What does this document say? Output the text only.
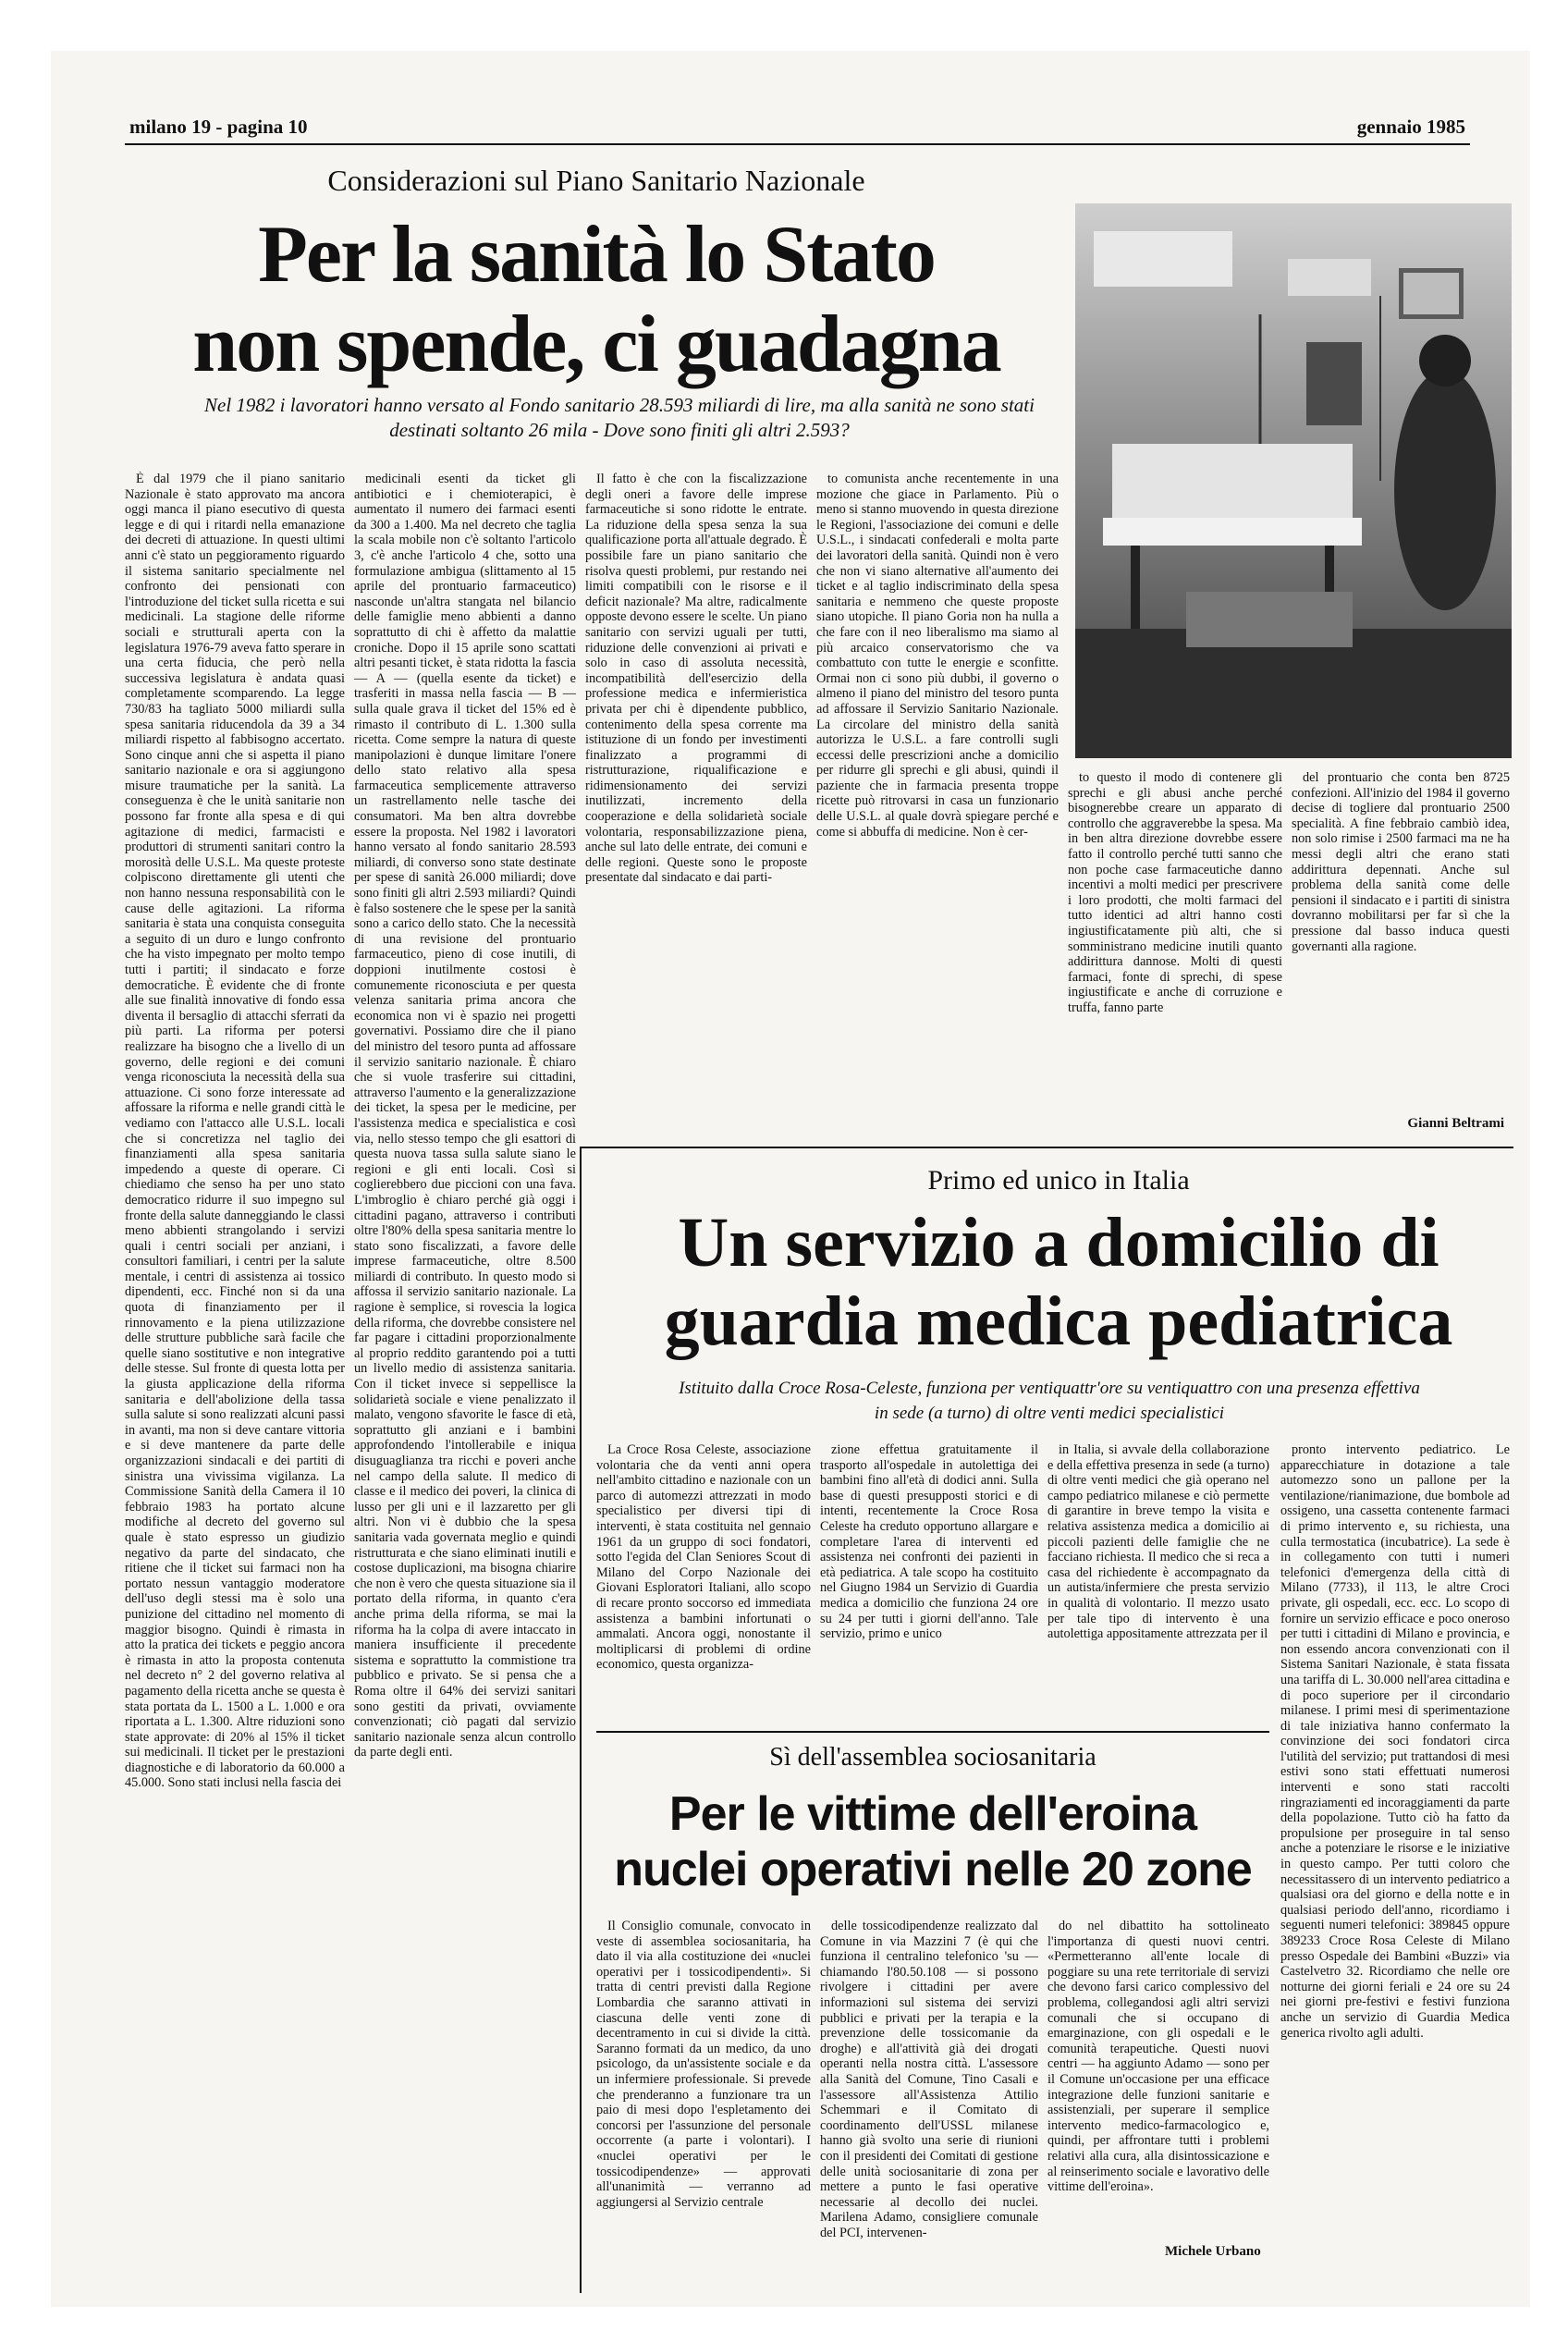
milano 19 - pagina 10	gennaio 1985
Considerazioni sul Piano Sanitario Nazionale
Per la sanità lo Stato
non spende, ci guadagna
Nel 1982 i lavoratori hanno versato al Fondo sanitario 28.593 miliardi di lire, ma alla sanità ne sono stati
destinati soltanto 26 mila - Dove sono finiti gli altri 2.593?

È dal 1979 che il piano sanitario Nazionale è stato approvato ma ancora oggi manca il piano esecutivo di questa legge e di qui i ritardi nella emanazione dei decreti di attuazione. In questi ultimi anni c'è stato un peggioramento riguardo il sistema sanitario specialmente nel confronto dei pensionati con l'introduzione del ticket sulla ricetta e sui medicinali. La stagione delle riforme sociali e strutturali aperta con la legislatura 1976-79 aveva fatto sperare in una certa fiducia, che però nella successiva legislatura è andata quasi completamente scomparendo. La legge 730/83 ha tagliato 5000 miliardi sulla spesa sanitaria riducendola da 39 a 34 miliardi rispetto al fabbisogno accertato. Sono cinque anni che si aspetta il piano sanitario nazionale e ora si aggiungono misure traumatiche per la sanità. La conseguenza è che le unità sanitarie non possono far fronte alla spesa e di qui agitazione di medici, farmacisti e produttori di strumenti sanitari contro la morosità delle U.S.L. Ma queste proteste colpiscono direttamente gli utenti che non hanno nessuna responsabilità con le cause delle agitazioni. La riforma sanitaria è stata una conquista conseguita a seguito di un duro e lungo confronto che ha visto impegnato per molto tempo tutti i partiti; il sindacato e forze democratiche. È evidente che di fronte alle sue finalità innovative di fondo essa diventa il bersaglio di attacchi sferrati da più parti. La riforma per potersi realizzare ha bisogno che a livello di un governo, delle regioni e dei comuni venga riconosciuta la necessità della sua attuazione. Ci sono forze interessate ad affossare la riforma e nelle grandi città le vediamo con l'attacco alle U.S.L. locali che si concretizza nel taglio dei finanziamenti alla spesa sanitaria impedendo a queste di operare. Ci chiediamo che senso ha per uno stato democratico ridurre il suo impegno sul fronte della salute danneggiando le classi meno abbienti strangolando i servizi quali i centri sociali per anziani, i consultori familiari, i centri per la salute mentale, i centri di assistenza ai tossico dipendenti, ecc. Finché non si da una quota di finanziamento per il rinnovamento e la piena utilizzazione delle strutture pubbliche sarà facile che quelle siano sostitutive e non integrative delle stesse. Sul fronte di questa lotta per la giusta applicazione della riforma sanitaria e dell'abolizione della tassa sulla salute si sono realizzati alcuni passi in avanti, ma non si deve cantare vittoria e si deve mantenere da parte delle organizzazioni sindacali e dei partiti di sinistra una vivissima vigilanza. La Commissione Sanità della Camera il 10 febbraio 1983 ha portato alcune modifiche al decreto del governo sul quale è stato espresso un giudizio negativo da parte del sindacato, che ritiene che il ticket sui farmaci non ha portato nessun vantaggio moderatore dell'uso degli stessi ma è solo una punizione del cittadino nel momento di maggior bisogno. Quindi è rimasta in atto la pratica dei tickets e peggio ancora è rimasta in atto la proposta contenuta nel decreto n° 2 del governo relativa al pagamento della ricetta anche se questa è stata portata da L. 1500 a L. 1.000 e ora riportata a L. 1.300. Altre riduzioni sono state approvate: di 20% al 15% il ticket sui medicinali. Il ticket per le prestazioni diagnostiche e di laboratorio da 60.000 a 45.000. Sono stati inclusi nella fascia dei

medicinali esenti da ticket gli antibiotici e i chemioterapici, è aumentato il numero dei farmaci esenti da 300 a 1.400. Ma nel decreto che taglia la scala mobile non c'è soltanto l'articolo 3, c'è anche l'articolo 4 che, sotto una formulazione ambigua (slittamento al 15 aprile del prontuario farmaceutico) nasconde un'altra stangata nel bilancio delle famiglie meno abbienti a danno soprattutto di chi è affetto da malattie croniche. Dopo il 15 aprile sono scattati altri pesanti ticket, è stata ridotta la fascia — A — (quella esente da ticket) e trasferiti in massa nella fascia — B — sulla quale grava il ticket del 15% ed è rimasto il contributo di L. 1.300 sulla ricetta. Come sempre la natura di queste manipolazioni è dunque limitare l'onere dello stato relativo alla spesa farmaceutica semplicemente attraverso un rastrellamento nelle tasche dei consumatori. Ma ben altra dovrebbe essere la proposta. Nel 1982 i lavoratori hanno versato al fondo sanitario 28.593 miliardi, di converso sono state destinate per spese di sanità 26.000 miliardi; dove sono finiti gli altri 2.593 miliardi? Quindi è falso sostenere che le spese per la sanità sono a carico dello stato. Che la necessità di una revisione del prontuario farmaceutico, pieno di cose inutili, di doppioni inutilmente costosi è comunemente riconosciuta e per questa velenza sanitaria prima ancora che economica non vi è spazio nei progetti governativi. Possiamo dire che il piano del ministro del tesoro punta ad affossare il servizio sanitario nazionale. È chiaro che si vuole trasferire sui cittadini, attraverso l'aumento e la generalizzazione dei ticket, la spesa per le medicine, per l'assistenza medica e specialistica e così via, nello stesso tempo che gli esattori di questa nuova tassa sulla salute siano le regioni e gli enti locali. Così si coglierebbero due piccioni con una fava. L'imbroglio è chiaro perché già oggi i cittadini pagano, attraverso i contributi oltre l'80% della spesa sanitaria mentre lo stato sono fiscalizzati, a favore delle imprese farmaceutiche, oltre 8.500 miliardi di contributo. In questo modo si affossa il servizio sanitario nazionale. La ragione è semplice, si rovescia la logica della riforma, che dovrebbe consistere nel far pagare i cittadini proporzionalmente al proprio reddito garantendo poi a tutti un livello medio di assistenza sanitaria. Con il ticket invece si seppellisce la solidarietà sociale e viene penalizzato il malato, vengono sfavorite le fasce di età, soprattutto gli anziani e i bambini approfondendo l'intollerabile e iniqua disuguaglianza tra ricchi e poveri anche nel campo della salute. Il medico di classe e il medico dei poveri, la clinica di lusso per gli uni e il lazzaretto per gli altri. Non vi è dubbio che la spesa sanitaria vada governata meglio e quindi ristrutturata e che siano eliminati inutili e costose duplicazioni, ma bisogna chiarire che non è vero che questa situazione sia il portato della riforma, in quanto c'era anche prima della riforma, se mai la riforma ha la colpa di avere intaccato in maniera insufficiente il precedente sistema e soprattutto la commistione tra pubblico e privato. Se si pensa che a Roma oltre il 64% dei servizi sanitari sono gestiti da privati, ovviamente convenzionati; ciò pagati dal servizio sanitario nazionale senza alcun controllo da parte degli enti.

Il fatto è che con la fiscalizzazione degli oneri a favore delle imprese farmaceutiche si sono ridotte le entrate. La riduzione della spesa senza la sua qualificazione porta all'attuale degrado. È possibile fare un piano sanitario che risolva questi problemi, pur restando nei limiti compatibili con le risorse e il deficit nazionale? Ma altre, radicalmente opposte devono essere le scelte. Un piano sanitario con servizi uguali per tutti, riduzione delle convenzioni ai privati e solo in caso di assoluta necessità, incompatibilità dell'esercizio della professione medica e infermieristica privata per chi è dipendente pubblico, contenimento della spesa corrente ma istituzione di un fondo per investimenti finalizzato a programmi di ristrutturazione, riqualificazione e ridimensionamento dei servizi inutilizzati, incremento della cooperazione e della solidarietà sociale volontaria, responsabilizzazione piena, anche sul lato delle entrate, dei comuni e delle regioni. Queste sono le proposte presentate dal sindacato e dai parti-

to comunista anche recentemente in una mozione che giace in Parlamento. Più o meno si stanno muovendo in questa direzione le Regioni, l'associazione dei comuni e delle U.S.L., i sindacati confederali e molta parte dei lavoratori della sanità. Quindi non è vero che non vi siano alternative all'aumento dei ticket e al taglio indiscriminato della spesa sanitaria e nemmeno che queste proposte siano utopiche. Il piano Goria non ha nulla a che fare con il neo liberalismo ma siamo al più arcaico conservatorismo che va combattuto con tutte le energie e sconfitte. Ormai non ci sono più dubbi, il governo o almeno il piano del ministro del tesoro punta ad affossare il Servizio Sanitario Nazionale. La circolare del ministro della sanità autorizza le U.S.L. a fare controlli sugli eccessi delle prescrizioni anche a domicilio per ridurre gli sprechi e gli abusi, quindi il paziente che in farmacia presenta troppe ricette può ritrovarsi in casa un funzionario delle U.S.L. al quale dovrà spiegare perché e come si abbuffa di medicine. Non è cer-

to questo il modo di contenere gli sprechi e gli abusi anche perché bisognerebbe creare un apparato di controllo che aggraverebbe la spesa. Ma in ben altra direzione dovrebbe essere fatto il controllo perché tutti sanno che non poche case farmaceutiche danno incentivi a molti medici per prescrivere i loro prodotti, che molti farmaci del tutto identici ad altri hanno costi ingiustificatamente più alti, che si somministrano medicine inutili quanto addirittura dannose. Molti di questi farmaci, fonte di sprechi, di spese ingiustificate e anche di corruzione e truffa, fanno parte

del prontuario che conta ben 8725 confezioni. All'inizio del 1984 il governo decise di togliere dal prontuario 2500 specialità. A fine febbraio cambiò idea, non solo rimise i 2500 farmaci ma ne ha messi degli altri che erano stati addirittura depennati. Anche sul problema della sanità come delle pensioni il sindacato e i partiti di sinistra dovranno mobilitarsi per far sì che la pressione dal basso induca questi governanti alla ragione.

Gianni Beltrami
Primo ed unico in Italia
Un servizio a domicilio di
guardia medica pediatrica
Istituito dalla Croce Rosa-Celeste, funziona per ventiquattr'ore su ventiquattro con una presenza effettiva
in sede (a turno) di oltre venti medici specialistici

La Croce Rosa Celeste, associazione volontaria che da venti anni opera nell'ambito cittadino e nazionale con un parco di automezzi attrezzati in modo specialistico per diversi tipi di interventi, è stata costituita nel gennaio 1961 da un gruppo di soci fondatori, sotto l'egida del Clan Seniores Scout di Milano del Corpo Nazionale dei Giovani Esploratori Italiani, allo scopo di recare pronto soccorso ed immediata assistenza a bambini infortunati o ammalati. Ancora oggi, nonostante il moltiplicarsi di problemi di ordine economico, questa organizza-

zione effettua gratuitamente il trasporto all'ospedale in autolettiga dei bambini fino all'età di dodici anni. Sulla base di questi presupposti storici e di intenti, recentemente la Croce Rosa Celeste ha creduto opportuno allargare e completare l'area di interventi ed assistenza nei confronti dei pazienti in età pediatrica. A tale scopo ha costituito nel Giugno 1984 un Servizio di Guardia medica a domicilio che funziona 24 ore su 24 per tutti i giorni dell'anno. Tale servizio, primo e unico

in Italia, si avvale della collaborazione e della effettiva presenza in sede (a turno) di oltre venti medici che già operano nel campo pediatrico milanese e ciò permette di garantire in breve tempo la visita e relativa assistenza medica a domicilio ai piccoli pazienti delle famiglie che ne facciano richiesta. Il medico che si reca a casa del richiedente è accompagnato da un autista/infermiere che presta servizio in qualità di volontario. Il mezzo usato per tale tipo di intervento è una autolettiga appositamente attrezzata per il

pronto intervento pediatrico. Le apparecchiature in dotazione a tale automezzo sono un pallone per la ventilazione/rianimazione, due bombole ad ossigeno, una cassetta contenente farmaci di primo intervento e, su richiesta, una culla termostatica (incubatrice). La sede è in collegamento con tutti i numeri telefonici d'emergenza della città di Milano (7733), il 113, le altre Croci private, gli ospedali, ecc. ecc. Lo scopo di fornire un servizio efficace e poco oneroso per tutti i cittadini di Milano e provincia, e non essendo ancora convenzionati con il Sistema Sanitari Nazionale, è stata fissata una tariffa di L. 30.000 nell'area cittadina e di poco superiore per il circondario milanese. I primi mesi di sperimentazione di tale iniziativa hanno confermato la convinzione dei soci fondatori circa l'utilità del servizio; put trattandosi di mesi estivi sono stati effettuati numerosi interventi e sono stati raccolti ringraziamenti ed incoraggiamenti da parte della popolazione. Tutto ciò ha fatto da propulsione per proseguire in tal senso anche a potenziare le risorse e le iniziative in questo campo. Per tutti coloro che necessitassero di un intervento pediatrico a qualsiasi ora del giorno e della notte e in qualsiasi periodo dell'anno, ricordiamo i seguenti numeri telefonici: 389845 oppure 389233 Croce Rosa Celeste di Milano presso Ospedale dei Bambini «Buzzi» via Castelvetro 32. Ricordiamo che nelle ore notturne dei giorni feriali e 24 ore su 24 nei giorni pre-festivi e festivi funziona anche un servizio di Guardia Medica generica rivolto agli adulti.

Sì dell'assemblea sociosanitaria
Per le vittime dell'eroina
nuclei operativi nelle 20 zone

Il Consiglio comunale, convocato in veste di assemblea sociosanitaria, ha dato il via alla costituzione dei «nuclei operativi per i tossicodipendenti». Si tratta di centri previsti dalla Regione Lombardia che saranno attivati in ciascuna delle venti zone di decentramento in cui si divide la città. Saranno formati da un medico, da uno psicologo, da un'assistente sociale e da un infermiere professionale. Si prevede che prenderanno a funzionare tra un paio di mesi dopo l'espletamento dei concorsi per l'assunzione del personale occorrente (a parte i volontari). I «nuclei operativi per le tossicodipendenze» — approvati all'unanimità — verranno ad aggiungersi al Servizio centrale

delle tossicodipendenze realizzato dal Comune in via Mazzini 7 (è qui che funziona il centralino telefonico 'su — chiamando l'80.50.108 — si possono rivolgere i cittadini per avere informazioni sul sistema dei servizi pubblici e privati per la terapia e la prevenzione delle tossicomanie da droghe) e all'attività già dei drogati operanti nella nostra città. L'assessore alla Sanità del Comune, Tino Casali e l'assessore all'Assistenza Attilio Schemmari e il Comitato di coordinamento dell'USSL milanese hanno già svolto una serie di riunioni con il presidenti dei Comitati di gestione delle unità sociosanitarie di zona per mettere a punto le fasi operative necessarie al decollo dei nuclei. Marilena Adamo, consigliere comunale del PCI, intervenen-

do nel dibattito ha sottolineato l'importanza di questi nuovi centri. «Permetteranno all'ente locale di poggiare su una rete territoriale di servizi che devono farsi carico complessivo del problema, collegandosi agli altri servizi comunali che si occupano di emarginazione, con gli ospedali e le comunità terapeutiche. Questi nuovi centri — ha aggiunto Adamo — sono per il Comune un'occasione per una efficace integrazione delle funzioni sanitarie e assistenziali, per superare il semplice intervento medico-farmacologico e, quindi, per affrontare tutti i problemi relativi alla cura, alla disintossicazione e al reinserimento sociale e lavorativo delle vittime dell'eroina».

Michele Urbano
